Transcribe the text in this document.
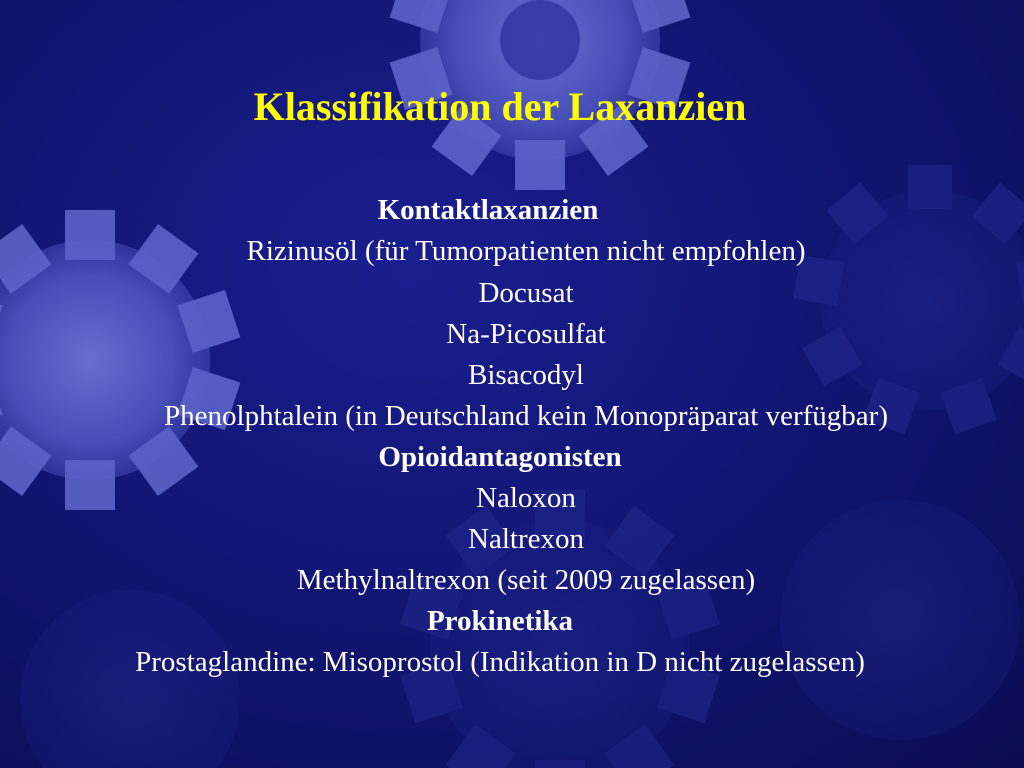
Klassifikation der Laxanzien
Kontaktlaxanzien
Rizinusöl (für Tumorpatienten nicht empfohlen)
Docusat
Na-Picosulfat
Bisacodyl
Phenolphtalein (in Deutschland kein Monopräparat verfügbar)
Opioidantagonisten
Naloxon
Naltrexon
Methylnaltrexon (seit 2009 zugelassen)
Prokinetika
Prostaglandine: Misoprostol (Indikation in D nicht zugelassen)
